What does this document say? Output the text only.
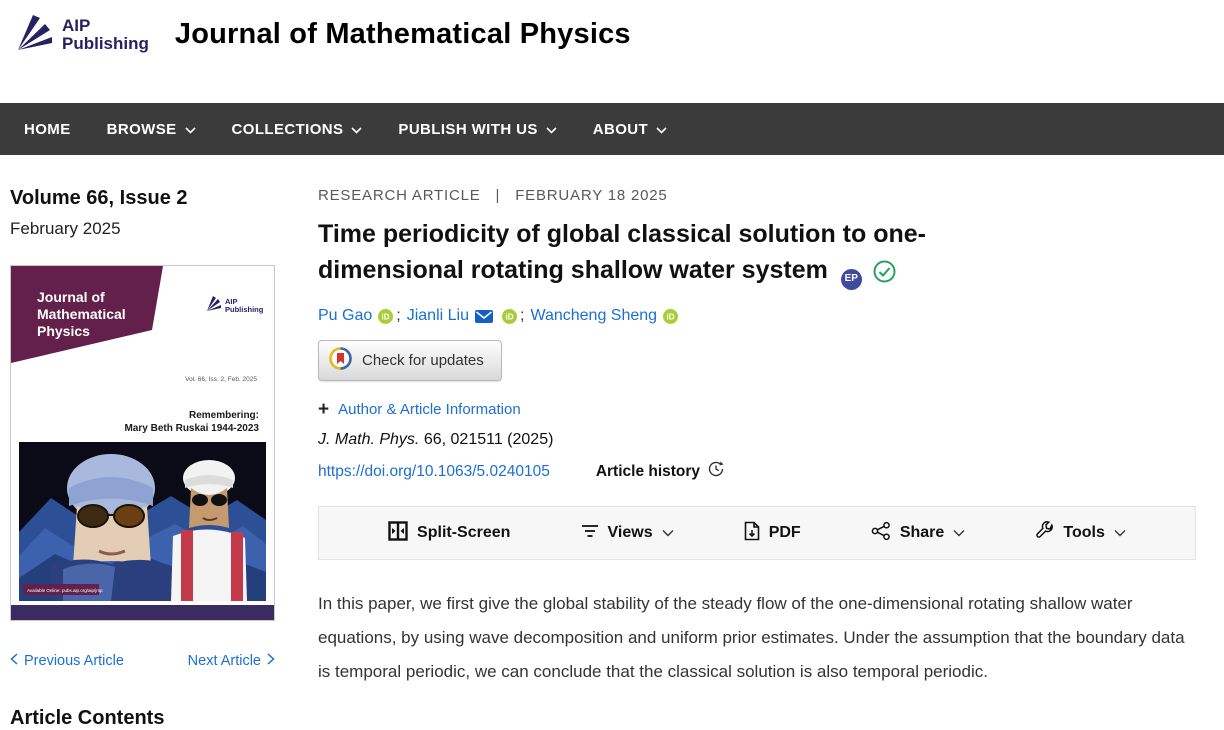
AIP
Publishing Journal of Mathematical Physics
HOME BROWSE	COLLECTIONS	PUBLISH WITH US	ABOUT
Volume 66, Issue 2
February 2025
Journal of
Mathematical
Physics
AIP
Publishing
Vol. 66, Iss. 2, Feb. 2025
Remembering:
Mary Beth Ruskai 1944-2023
Available Online: pubs.aip.org/aip/jmp
Previous Article	Next Article
Article Contents
RESEARCH ARTICLE | FEBRUARY 18 2025
Time periodicity of global classical solution to one-dimensional rotating shallow water system EP
Pu Gao iD ; Jianli Liu	iD ; Wancheng Sheng iD
Check for updates
+ Author & Article Information
J. Math. Phys. 66, 021511 (2025)
https://doi.org/10.1063/5.0240105	Article history
Split-Screen	Views	PDF	Share	Tools

In this paper, we first give the global stability of the steady flow of the one-dimensional rotating shallow water equations, by using wave decomposition and uniform prior estimates. Under the assumption that the boundary data is temporal periodic, we can conclude that the classical solution is also temporal periodic.
